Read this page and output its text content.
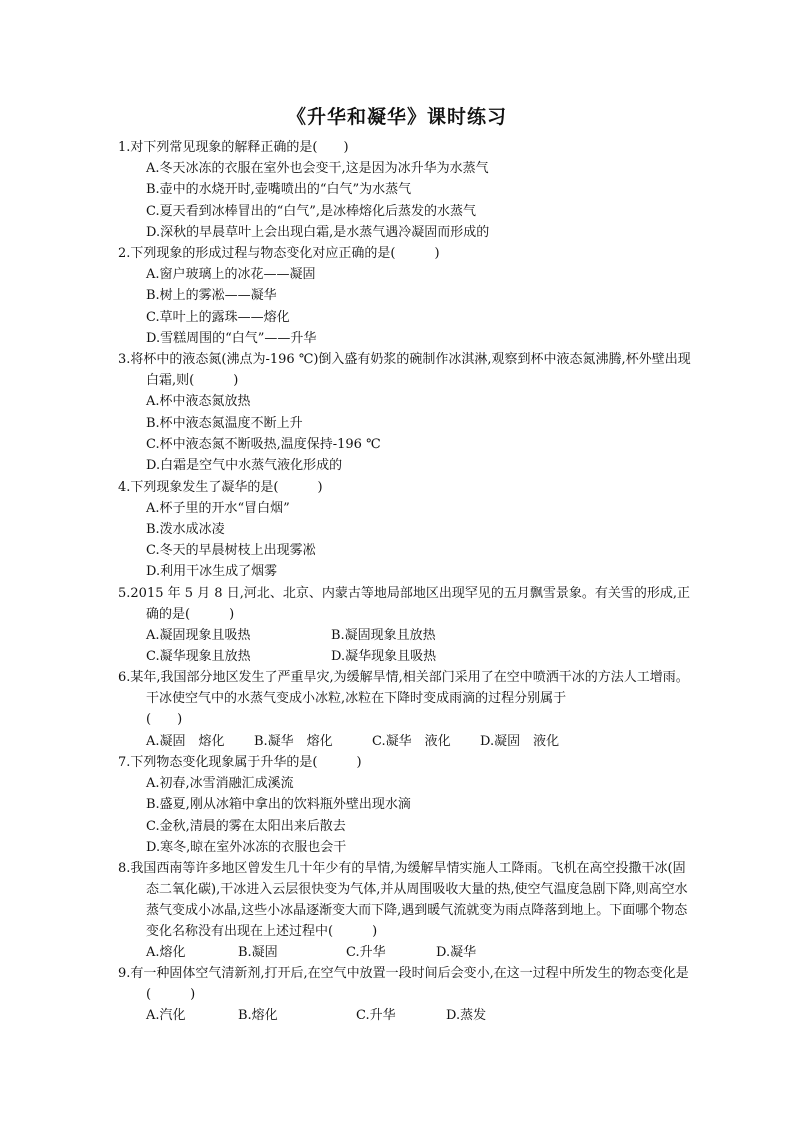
《升华和凝华》课时练习
1.对下列常见现象的解释正确的是(　　)
A.冬天冰冻的衣服在室外也会变干,这是因为冰升华为水蒸气
B.壶中的水烧开时,壶嘴喷出的“白气”为水蒸气
C.夏天看到冰棒冒出的“白气”,是冰棒熔化后蒸发的水蒸气
D.深秋的早晨草叶上会出现白霜,是水蒸气遇冷凝固而形成的
2.下列现象的形成过程与物态变化对应正确的是(　　　)
A.窗户玻璃上的冰花——凝固
B.树上的雾凇——凝华
C.草叶上的露珠——熔化
D.雪糕周围的“白气”——升华
3.将杯中的液态氮(沸点为-196 ℃)倒入盛有奶浆的碗制作冰淇淋,观察到杯中液态氮沸腾,杯外壁出现白霜,则(　　　)
A.杯中液态氮放热
B.杯中液态氮温度不断上升
C.杯中液态氮不断吸热,温度保持-196 ℃
D.白霜是空气中水蒸气液化形成的
4.下列现象发生了凝华的是(　　　)
A.杯子里的开水“冒白烟”
B.泼水成冰凌
C.冬天的早晨树枝上出现雾凇
D.利用干冰生成了烟雾
5.2015 年 5 月 8 日,河北、北京、内蒙古等地局部地区出现罕见的五月飘雪景象。有关雪的形成,正确的是(　　　)
A.凝固现象且吸热	B.凝固现象且放热
C.凝华现象且放热	D.凝华现象且吸热
6.某年,我国部分地区发生了严重旱灾,为缓解旱情,相关部门采用了在空中喷洒干冰的方法人工增雨。干冰使空气中的水蒸气变成小冰粒,冰粒在下降时变成雨滴的过程分别属于
(　　)
A.凝固　熔化	B.凝华　熔化	C.凝华　液化	D.凝固　液化
7.下列物态变化现象属于升华的是(　　　)
A.初春,冰雪消融汇成溪流
B.盛夏,刚从冰箱中拿出的饮料瓶外壁出现水滴
C.金秋,清晨的雾在太阳出来后散去
D.寒冬,晾在室外冰冻的衣服也会干
8.我国西南等许多地区曾发生几十年少有的旱情,为缓解旱情实施人工降雨。飞机在高空投撒干冰(固态二氧化碳),干冰进入云层很快变为气体,并从周围吸收大量的热,使空气温度急剧下降,则高空水蒸气变成小冰晶,这些小冰晶逐渐变大而下降,遇到暖气流就变为雨点降落到地上。下面哪个物态变化名称没有出现在上述过程中(　　　)
A.熔化	B.凝固	C.升华	D.凝华
9.有一种固体空气清新剂,打开后,在空气中放置一段时间后会变小,在这一过程中所发生的物态变化是(　　　)
A.汽化	B.熔化	C.升华	D.蒸发
